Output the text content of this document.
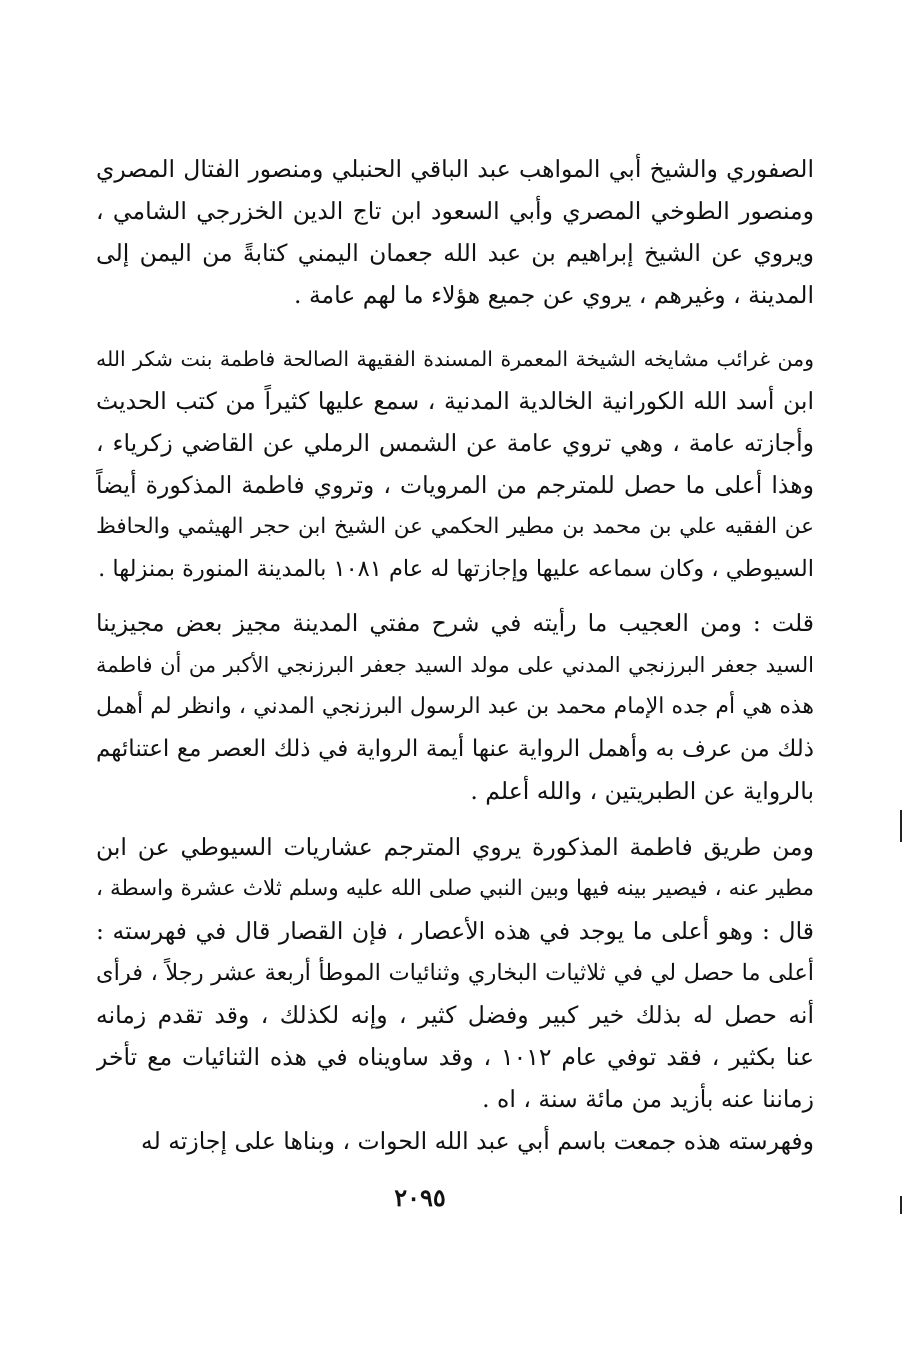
الصفوري والشيخ أبي المواهب عبد الباقي الحنبلي ومنصور الفتال المصري
ومنصور الطوخي المصري وأبي السعود ابن تاج الدين الخزرجي الشامي ،
ويروي عن الشيخ إبراهيم بن عبد الله جعمان اليمني كتابةً من اليمن إلى
المدينة ، وغيرهم ، يروي عن جميع هؤلاء ما لهم عامة .
ومن غرائب مشايخه الشيخة المعمرة المسندة الفقيهة الصالحة فاطمة بنت شكر الله
ابن أسد الله الكورانية الخالدية المدنية ، سمع عليها كثيراً من كتب الحديث
وأجازته عامة ، وهي تروي عامة عن الشمس الرملي عن القاضي زكرياء ،
وهذا أعلى ما حصل للمترجم من المرويات ، وتروي فاطمة المذكورة أيضاً
عن الفقيه علي بن محمد بن مطير الحكمي عن الشيخ ابن حجر الهيثمي والحافظ
السيوطي ، وكان سماعه عليها وإجازتها له عام ١٠٨١ بالمدينة المنورة بمنزلها .
قلت : ومن العجيب ما رأيته في شرح مفتي المدينة مجيز بعض مجيزينا
السيد جعفر البرزنجي المدني على مولد السيد جعفر البرزنجي الأكبر من أن فاطمة
هذه هي أم جده الإمام محمد بن عبد الرسول البرزنجي المدني ، وانظر لم أهمل
ذلك من عرف به وأهمل الرواية عنها أيمة الرواية في ذلك العصر مع اعتنائهم
بالرواية عن الطبريتين ، والله أعلم .
ومن طريق فاطمة المذكورة يروي المترجم عشاريات السيوطي عن ابن
مطير عنه ، فيصير بينه فيها وبين النبي صلى الله عليه وسلم ثلاث عشرة واسطة ،
قال : وهو أعلى ما يوجد في هذه الأعصار ، فإن القصار قال في فهرسته :
أعلى ما حصل لي في ثلاثيات البخاري وثنائيات الموطأ أربعة عشر رجلاً ، فرأى
أنه حصل له بذلك خير كبير وفضل كثير ، وإنه لكذلك ، وقد تقدم زمانه
عنا بكثير ، فقد توفي عام ١٠١٢ ، وقد ساويناه في هذه الثنائيات مع تأخر
زماننا عنه بأزيد من مائة سنة ، اه .
وفهرسته هذه جمعت باسم أبي عبد الله الحوات ، وبناها على إجازته له
٢٠٩٥
